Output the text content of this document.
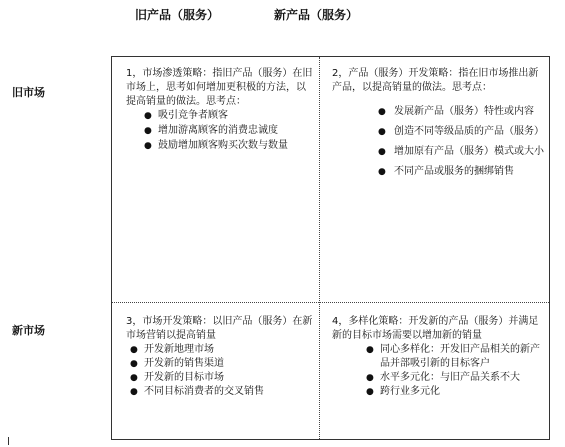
旧产品（服务）	新产品（服务）
旧市场
新市场
1，市场渗透策略：指旧产品（服务）在旧市场上，思考如何增加更积极的方法，以提高销量的做法。思考点：
● 吸引竞争者顾客
● 增加游离顾客的消费忠诚度
● 鼓励增加顾客购买次数与数量
2，产品（服务）开发策略：指在旧市场推出新产品，以提高销量的做法。思考点：
● 发展新产品（服务）特性或内容
● 创造不同等级品质的产品（服务）
● 增加原有产品（服务）模式或大小
● 不同产品或服务的捆绑销售
3，市场开发策略：以旧产品（服务）在新市场营销以提高销量
● 开发新地理市场
● 开发新的销售渠道
● 开发新的目标市场
● 不同目标消费者的交叉销售
4，多样化策略：开发新的产品（服务）并满足新的目标市场需要以增加新的销量
● 同心多样化：开发旧产品相关的新产品并部吸引新的目标客户
● 水平多元化：与旧产品关系不大
● 跨行业多元化
